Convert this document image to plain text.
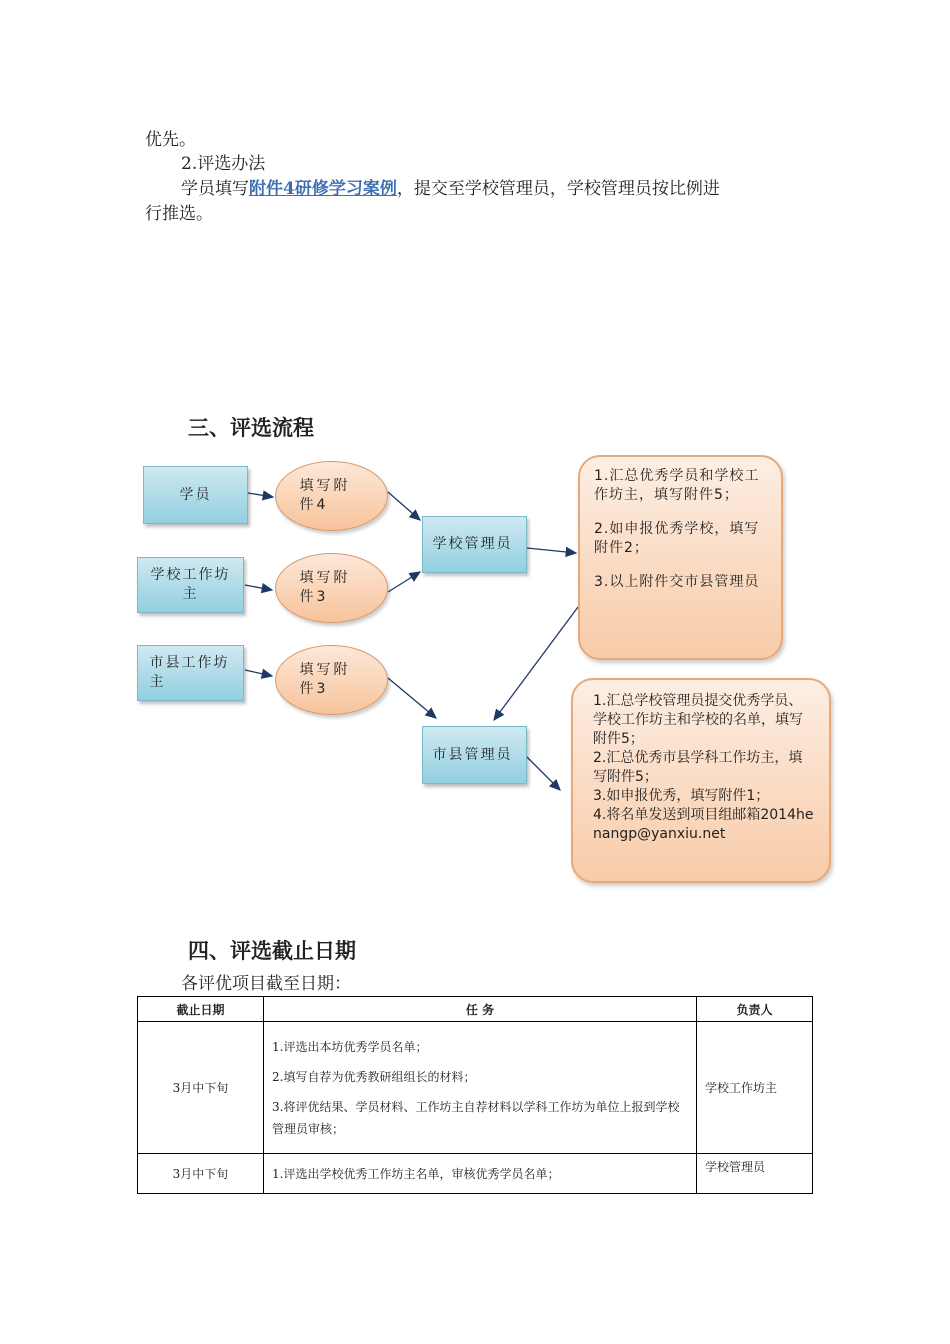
优先。
2.评选办法
学员填写附件4研修学习案例，提交至学校管理员，学校管理员按比例进
行推选。
三、评选流程
学员
学校工作坊主
市县工作坊主
填写附件4
填写附件3
填写附件3
学校管理员
市县管理员
1.汇总优秀学员和学校工作坊主，填写附件5；
2.如申报优秀学校，填写附件2；
3.以上附件交市县管理员
1.汇总学校管理员提交优秀学员、学校工作坊主和学校的名单，填写附件5；
2.汇总优秀市县学科工作坊主，填写附件5；
3.如申报优秀，填写附件1；
4.将名单发送到项目组邮箱2014henangp@yanxiu.net
四、评选截止日期
各评优项目截至日期：
截止日期	任 务	负责人
3月中下旬	1.评选出本坊优秀学员名单；

2.填写自荐为优秀教研组组长的材料；

3.将评优结果、学员材料、工作坊主自荐材料以学科工作坊为单位上报到学校管理员审核；	学校工作坊主
3月中下旬	1.评选出学校优秀工作坊主名单，审核优秀学员名单；	学校管理员
